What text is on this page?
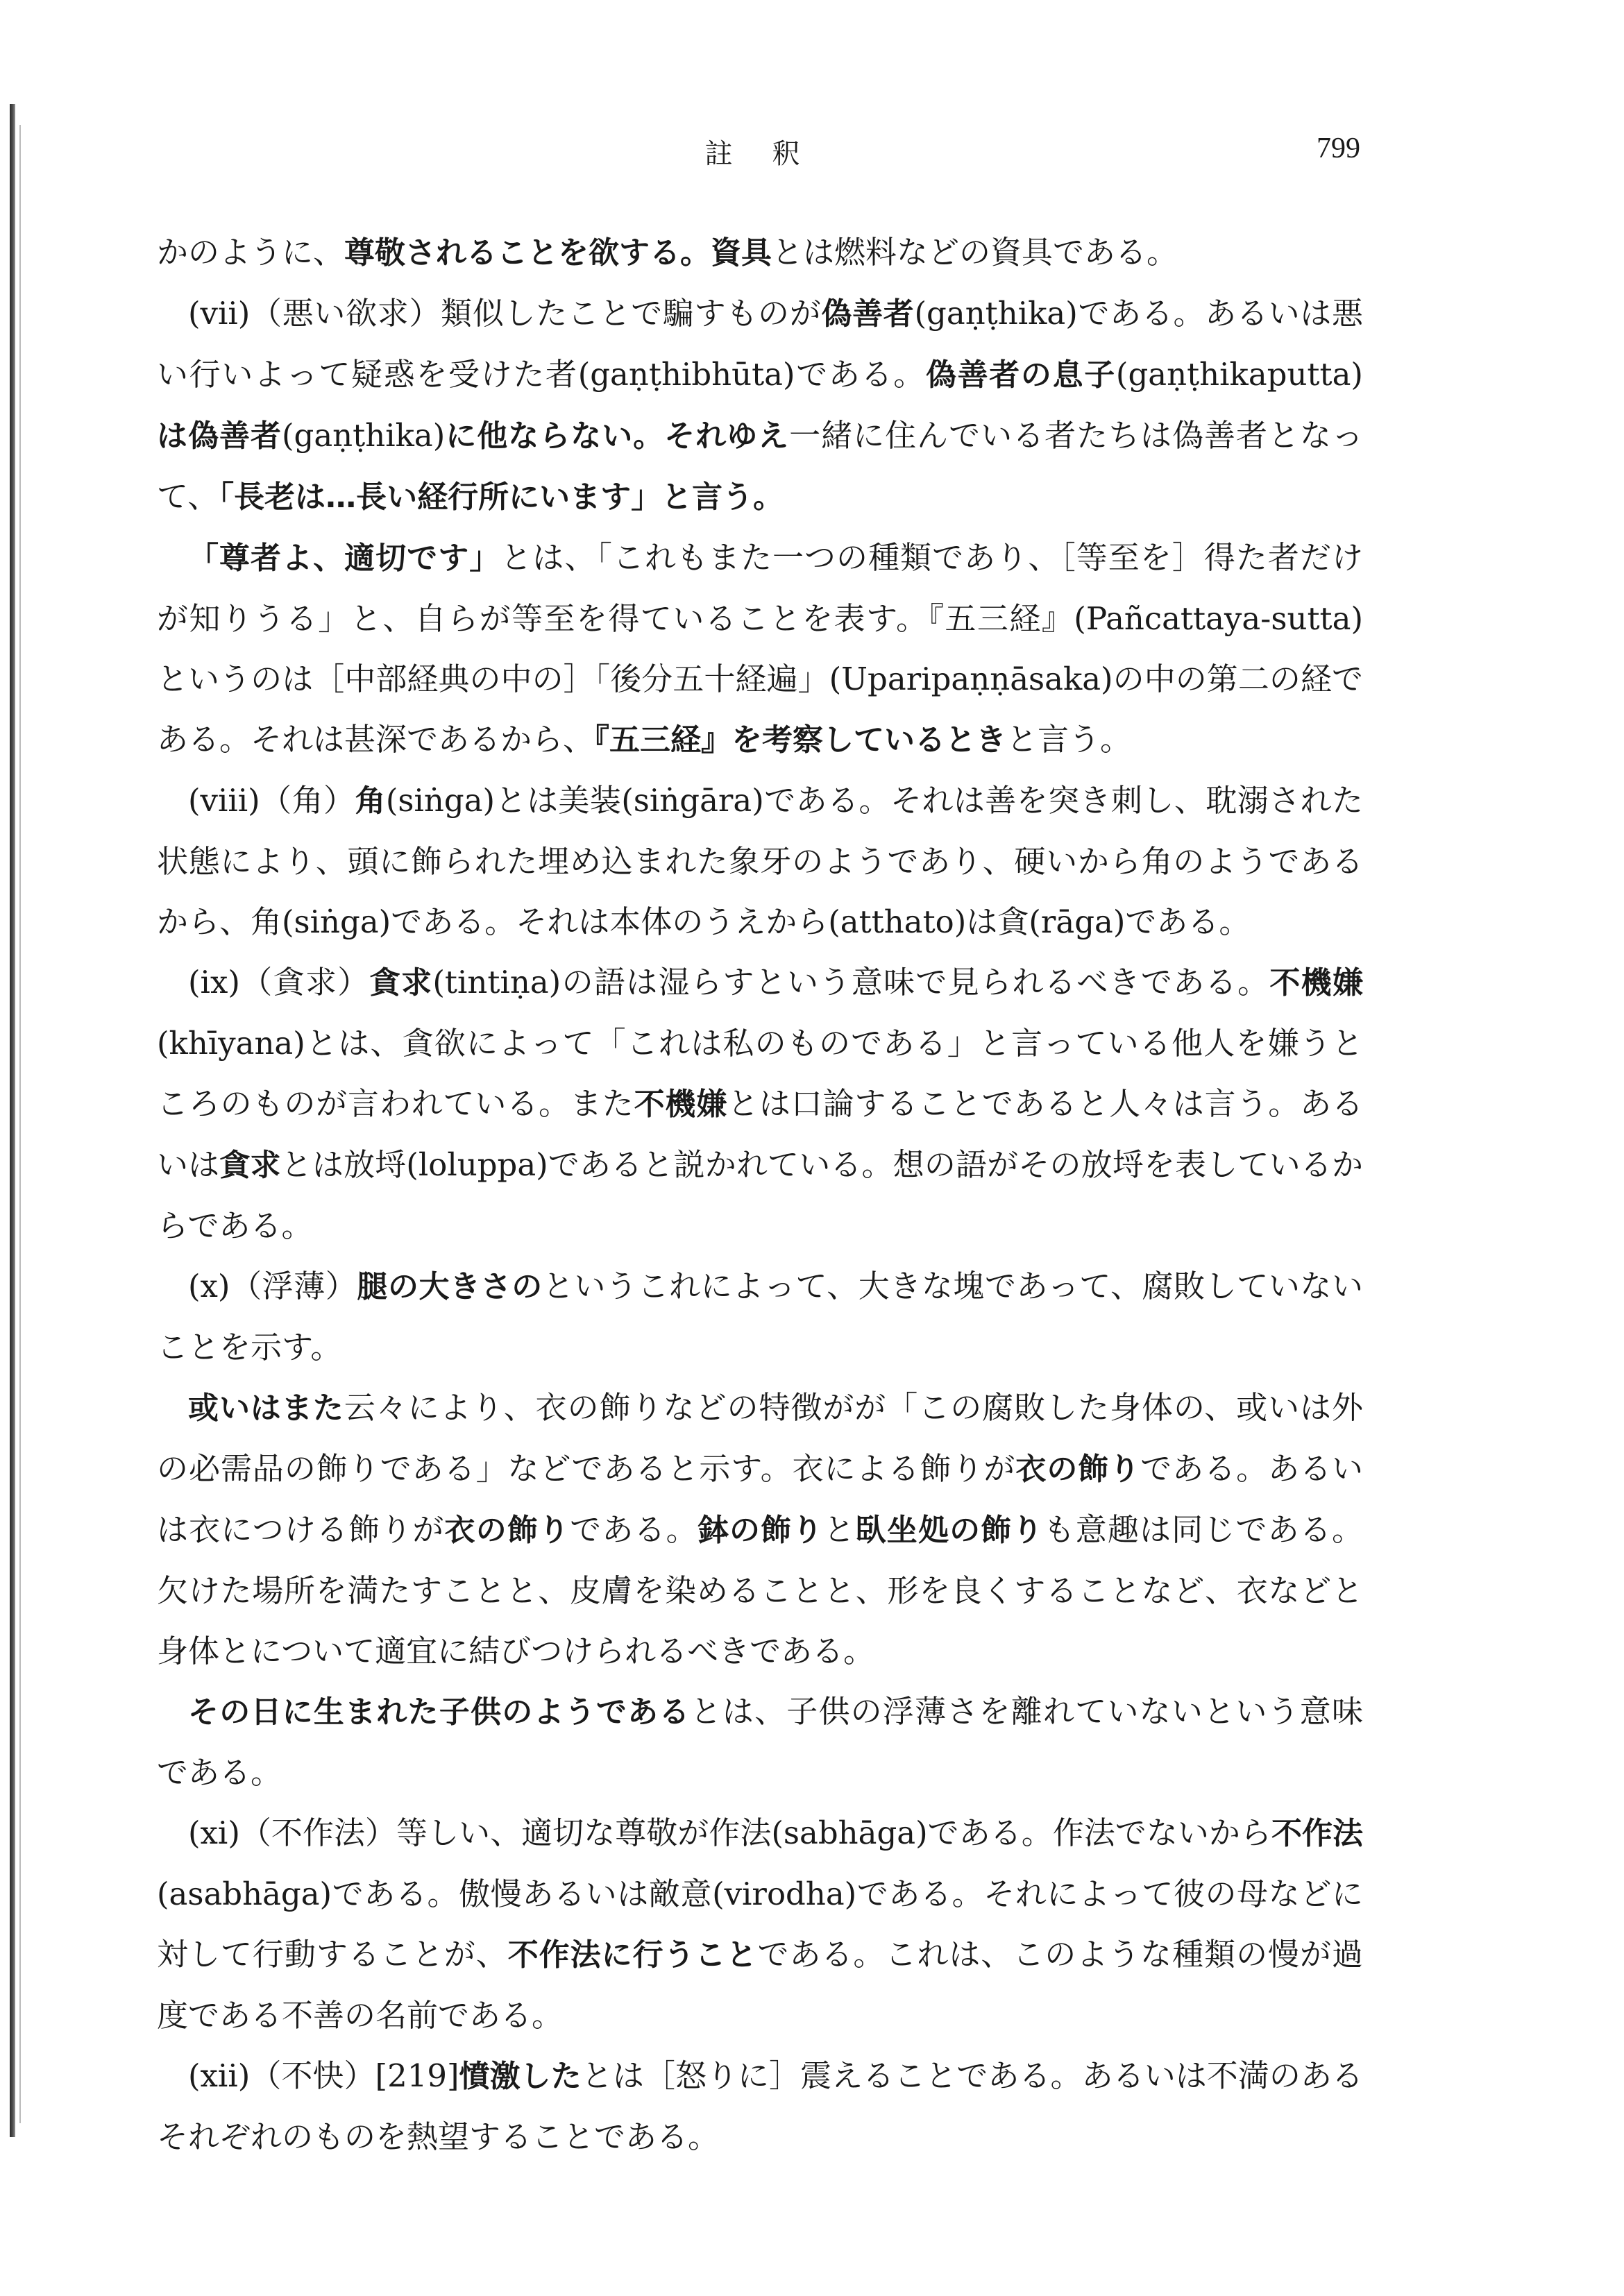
註 釈	799

かのように、尊敬されることを欲する。資具とは燃料などの資具である。

(vii)（悪い欲求）類似したことで騙すものが偽善者(gaṇṭhika)である。あるいは悪い行いよって疑惑を受けた者(gaṇṭhibhūta)である。偽善者の息子(gaṇṭhikaputta)は偽善者(gaṇṭhika)に他ならない。それゆえ一緒に住んでいる者たちは偽善者となって、「長老は…長い経行所にいます」と言う。

「尊者よ、適切です」とは、「これもまた一つの種類であり、［等至を］得た者だけが知りうる」と、自らが等至を得ていることを表す。『五三経』(Pañcattaya-sutta)というのは［中部経典の中の］「後分五十経遍」(Uparipaṇṇāsaka)の中の第二の経である。それは甚深であるから、『五三経』を考察しているときと言う。

(viii)（角）角(siṅga)とは美装(siṅgāra)である。それは善を突き刺し、耽溺された状態により、頭に飾られた埋め込まれた象牙のようであり、硬いから角のようであるから、角(siṅga)である。それは本体のうえから(atthato)は貪(rāga)である。

(ix)（貪求）貪求(tintiṇa)の語は湿らすという意味で見られるべきである。不機嫌(khīyana)とは、貪欲によって「これは私のものである」と言っている他人を嫌うところのものが言われている。また不機嫌とは口論することであると人々は言う。あるいは貪求とは放埒(loluppa)であると説かれている。想の語がその放埒を表しているからである。

(x)（浮薄）腿の大きさのというこれによって、大きな塊であって、腐敗していないことを示す。

或いはまた云々により、衣の飾りなどの特徴がが「この腐敗した身体の、或いは外の必需品の飾りである」などであると示す。衣による飾りが衣の飾りである。あるいは衣につける飾りが衣の飾りである。鉢の飾りと臥坐処の飾りも意趣は同じである。欠けた場所を満たすことと、皮膚を染めることと、形を良くすることなど、衣などと身体とについて適宜に結びつけられるべきである。

その日に生まれた子供のようであるとは、子供の浮薄さを離れていないという意味である。

(xi)（不作法）等しい、適切な尊敬が作法(sabhāga)である。作法でないから不作法(asabhāga)である。傲慢あるいは敵意(virodha)である。それによって彼の母などに対して行動することが、不作法に行うことである。これは、このような種類の慢が過度である不善の名前である。

(xii)（不快）[219]憤激したとは［怒りに］震えることである。あるいは不満のあるそれぞれのものを熱望することである。
